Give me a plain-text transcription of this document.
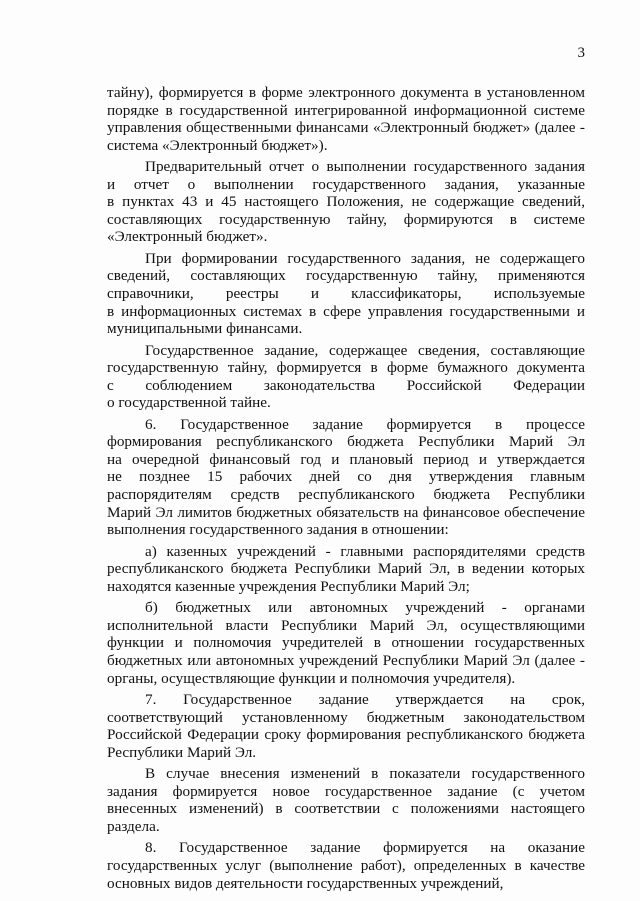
3
тайну), формируется в форме электронного документа в установленном
порядке в государственной интегрированной информационной системе
управления общественными финансами «Электронный бюджет» (далее -
система «Электронный бюджет»).
Предварительный отчет о выполнении государственного задания
и отчет о выполнении государственного задания, указанные
в пунктах 43 и 45 настоящего Положения, не содержащие сведений,
составляющих государственную тайну, формируются в системе
«Электронный бюджет».
При формировании государственного задания, не содержащего
сведений, составляющих государственную тайну, применяются
справочники, реестры и классификаторы, используемые
в информационных системах в сфере управления государственными и
муниципальными финансами.
Государственное задание, содержащее сведения, составляющие
государственную тайну, формируется в форме бумажного документа
с соблюдением законодательства Российской Федерации
о государственной тайне.
6. Государственное задание формируется в процессе
формирования республиканского бюджета Республики Марий Эл
на очередной финансовый год и плановый период и утверждается
не позднее 15 рабочих дней со дня утверждения главным
распорядителям средств республиканского бюджета Республики
Марий Эл лимитов бюджетных обязательств на финансовое обеспечение
выполнения государственного задания в отношении:
а) казенных учреждений - главными распорядителями средств
республиканского бюджета Республики Марий Эл, в ведении которых
находятся казенные учреждения Республики Марий Эл;
б) бюджетных или автономных учреждений - органами
исполнительной власти Республики Марий Эл, осуществляющими
функции и полномочия учредителей в отношении государственных
бюджетных или автономных учреждений Республики Марий Эл (далее -
органы, осуществляющие функции и полномочия учредителя).
7. Государственное задание утверждается на срок,
соответствующий установленному бюджетным законодательством
Российской Федерации сроку формирования республиканского бюджета
Республики Марий Эл.
В случае внесения изменений в показатели государственного
задания формируется новое государственное задание (с учетом
внесенных изменений) в соответствии с положениями настоящего
раздела.
8. Государственное задание формируется на оказание
государственных услуг (выполнение работ), определенных в качестве
основных видов деятельности государственных учреждений,
